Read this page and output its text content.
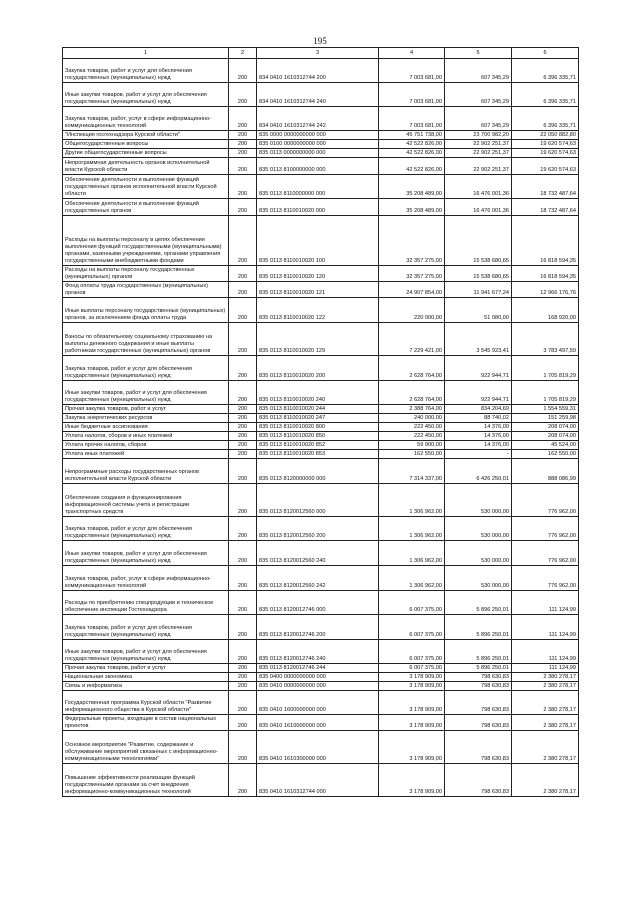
195
1	2	3	4	5	6
Закупка товаров, работ и услуг для обеспечения государственных (муниципальных) нужд	200	834 0410 1610312744 200	7 003 681,00	607 345,29	6 396 335,71
Иные закупки товаров, работ и услуг для обеспечения государственных (муниципальных) нужд	200	834 0410 1610312744 240	7 003 681,00	607 345,29	6 396 335,71
Закупка товаров, работ, услуг в сфере информационно-коммуникационных технологий	200	834 0410 1610312744 242	7 003 681,00	607 345,29	6 396 335,71
"Инспекция госгехнадзора Курской области"	200	835 0000 0000000000 000	45 751 738,00	23 700 982,20	22 050 882,80
Общегосударственные вопросы	200	835 0100 0000000000 000	42 522 826,00	22 902 251,37	19 620 574,63
Другие общегосударственные вопросы	200	835 0113 0000000000 000	42 522 826,00	22 902 251,37	19 620 574,63
Непрограммная деятельность органов исполнительной власти Курской области	200	835 0113 8100000000 000	42 522 826,00	22 902 251,37	19 620 574,63
Обеспечение деятельности и выполнение функций государственных органов исполнительной власти Курской области	200	835 0113 8110000000 000	35 208 489,00	16 476 001,36	18 732 487,64
Обеспечение деятельности и выполнение функций государственных органов	200	835 0113 8110010020 000	35 208 489,00	16 476 001,36	18 732 487,64
Расходы на выплаты персоналу в целях обеспечения выполнения функций государственными (муниципальными) органами, казенными учреждениями, органами управления государственными внебюджетными фондами	200	835 0113 8110010020 100	32 357 275,00	15 538 680,65	16 818 594,35
Расходы на выплаты персоналу государственных (муниципальных) органов	200	835 0113 8110010020 120	32 357 275,00	15 538 680,65	16 818 594,35
Фонд оплаты труда государственных (муниципальных) органов	200	835 0113 8110010020 121	24 907 854,00	11 941 677,24	12 966 176,76
Иные выплаты персоналу государственных (муниципальных) органов, за исключением фонда оплаты труда	200	835 0113 8110010020 122	220 000,00	51 080,00	168 920,00
Взносы по обязательному социальному страхованию на выплаты денежного содержания и иные выплаты работникам государственных (муниципальных) органов	200	835 0113 8110010020 129	7 229 421,00	3 545 923,41	3 783 497,59
Закупка товаров, работ и услуг для обеспечения государственных (муниципальных) нужд	200	835 0113 8110010020 200	2 628 764,00	922 944,71	1 705 819,29
Иные закупки товаров, работ и услуг для обеспечения государственных (муниципальных) нужд	200	835 0113 8110010020 240	2 628 764,00	922 944,71	1 705 819,29
Прочая закупка товаров, работ и услуг	200	835 0113 8110010020 244	2 388 764,00	834 204,69	1 554 559,31
Закупка энергетических ресурсов	200	835 0113 8110010020 247	240 000,00	88 740,02	151 259,98
Иные бюджетные ассигнования	200	835 0113 8110010020 800	222 450,00	14 376,00	208 074,00
Уплата налогов, сборов и иных платежей	200	835 0113 8110010020 850	222 450,00	14 376,00	208 074,00
Уплата прочих налогов, сборов	200	835 0113 8110010020 852	59 900,00	14 376,00	45 524,00
Уплата иных платежей	200	835 0113 8110010020 853	162 550,00	-	162 550,00
Непрограммные расходы государственных органов исполнительной власти Курской области	200	835 0113 8120000000 000	7 314 337,00	6 426 250,01	888 086,99
Обеспечение создания и функционирования информационной системы учета и регистрации транспортных средств	200	835 0113 8120012560 000	1 306 962,00	530 000,00	776 962,00
Закупка товаров, работ и услуг для обеспечения государственных (муниципальных) нужд	200	835 0113 8120012560 200	1 306 962,00	530 000,00	776 962,00
Иные закупки товаров, работ и услуг для обеспечения государственных (муниципальных) нужд	200	835 0113 8120012560 240	1 306 962,00	530 000,00	776 962,00
Закупка товаров, работ, услуг в сфере информационно-коммуникационных технологий	200	835 0113 8120012560 242	1 306 962,00	530 000,00	776 962,00
Расходы по приобретению спецпродукции и техническое обеспечение инспекции Гостехнадзора	200	835 0113 8120012746 000	6 007 375,00	5 896 250,01	111 124,99
Закупка товаров, работ и услуг для обеспечения государственных (муниципальных) нужд	200	835 0113 8120012746 200	6 007 375,00	5 896 250,01	111 124,99
Иные закупки товаров, работ и услуг для обеспечения государственных (муниципальных) нужд	200	835 0113 8120012746 240	6 007 375,00	5 896 250,01	111 124,99
Прочая закупка товаров, работ и услуг	200	835 0113 8120012746 244	6 007 375,00	5 896 250,01	111 124,99
Национальная экономика	200	835 0400 0000000000 000	3 178 909,00	798 630,83	2 380 278,17
Связь и информатика	200	835 0410 0000000000 000	3 178 909,00	798 630,83	2 380 278,17
Государственная программа Курской области "Развитие информационного общества в Курской области"	200	835 0410 1600000000 000	3 178 909,00	798 630,83	2 380 278,17
Федеральные проекты, входящие в состав национальных проектов	200	835 0410 1610000000 000	3 178 909,00	798 630,83	2 380 278,17
Основное мероприятие "Развитие, содержание и обслуживание мероприятий связанных с информационно-коммуникационными технологиями"	200	835 0410 1610300000 000	3 178 909,00	798 630,83	2 380 278,17
Повышение эффективности реализации функций государственными органами за счет внедрения информационно-коммуникационных технологий	200	835 0410 1610312744 000	3 178 909,00	798 630,83	2 380 278,17
